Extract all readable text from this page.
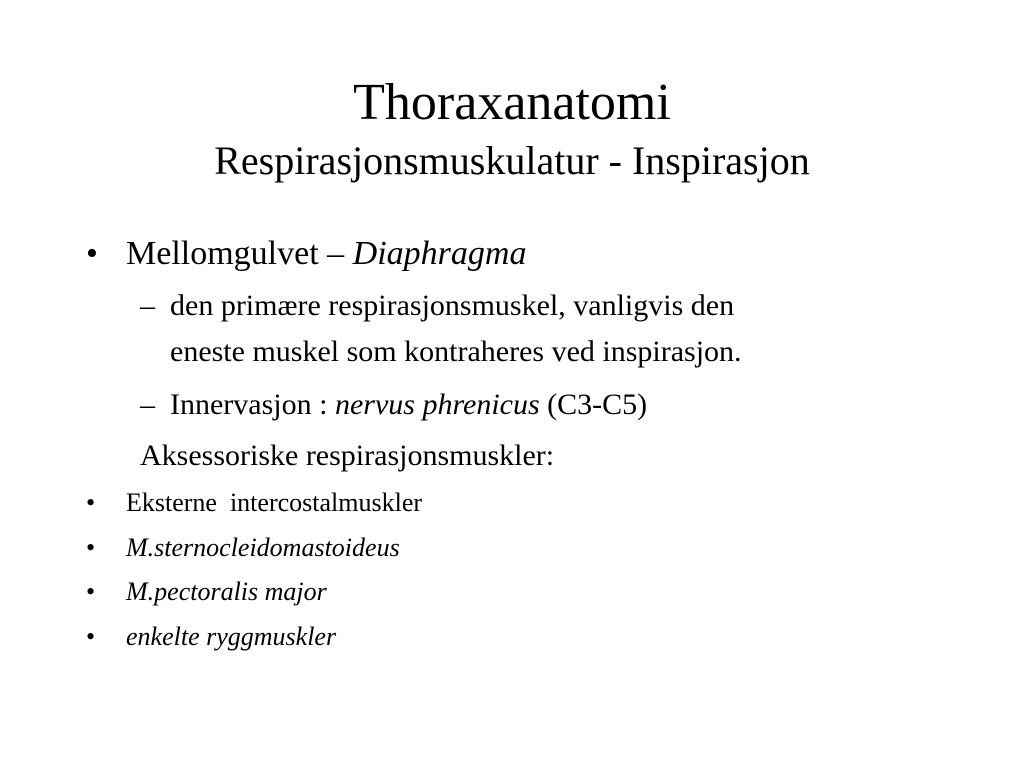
Thoraxanatomi
Respirasjonsmuskulatur - Inspirasjon
• Mellomgulvet – Diaphragma
– den primære respirasjonsmuskel, vanligvis den
eneste muskel som kontraheres ved inspirasjon.
– Innervasjon : nervus phrenicus (C3-C5)
Aksessoriske respirasjonsmuskler:
• Eksterne  intercostalmuskler
• M.sternocleidomastoideus
• M.pectoralis major
• enkelte ryggmuskler
